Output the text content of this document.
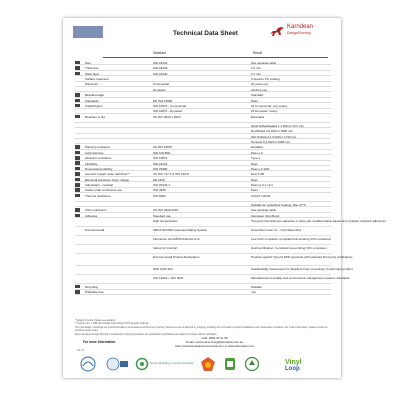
Technical Data Sheet
Karndean
DesignFlooring
Standard	Result
Size	ISO 24342	See separate table
Thickness	ISO 24346	2.0 mm
Wear layer	ISO 24340	0.7 mm
Surface treatment	K-Guard+ PU coating
Warranty*	Commercial	20 years use
Domestic	Lifetime use
Bevelled edge	Standard
Standards	EN ISO 10582	Pass
Classification	ISO 10874 - Commercial	34 Commercial: very heavy
ISO 10874 - Domestic	23 Domestic: heavy
Reaction to fire	AS ISO 9239.1 2003	Euroclass
Hand buffed/sealed 1.1 kW/m² 13 ft min
Not Buffed 4.6 kW/m² 1090 min
Wet Polished 4.4 kW/m² 1740 min
Tempest 5.4 kW/m² 3285 min
Painting resistance	AS ISO 16987	Excellent
Light fastness	ISO 105-B02	Pass ≥ 6
Abrasion resistance	ISO 10874	Type 1
Flexibility	ISO 24344	Pass
Dimensional stability	ISO 23999	Pass ≤ 0.10%
Acoustic impact noise reduction**	AS ISO 717.2 & ISO 140-8	ΔLw 3 dB
Electrical behaviour body voltage	EN 1815	Pass
Indentation - residual	ISO 24343-1	Pass (≤ 0.1 mm)
Castor chair continuous use	ISO 4918	Pass
Thermal resistance	ISO 8302	0.0147 m²K/W
Suitable for underfloor heating, Max 27°C
VOC emissions*	AS ISO 4000-2010	See separate table
Adhesive	Standard use	Karndean Vinyl-Bond
High temperatures	Two-part chemical cure adhesive or Dow part modified silane based and moisture resistant adhesives
Environmental	GBCA SGCBS Greenstar Rating System	GreenStar Level: 2+ - LCA Silver Plus
Floorscore GCS-B/SCS-EC10.4-v2	Low VOC compliant. Compliant low emitting VOC emissions
Indoor Air Comfort	Gold certification. Compliant low emitting VOC emissions
Environmental Product Declaration	Product-specific Type III EPD (products with patented third party verification)
NSF ANSI 332	Sustainability Assessment for Resilient Floor Coverings: Conformant product
ISO 14001 + ISO 9001	Manufactured to quality and environment management systems standards
Recycling	Suitable
Phthalate free	Yes
* Subject to terms. Please see warranty.
** Result is Δ-L = 4dB with standard soft-backed 9 IPX acoustic underlay.
The information in particular set of technical data is as accurate as at the time of printing. Tolerances can be affected by mopping, including but not limited to product installations and maintenance conditions. For further information, please contact our technical support team.
Since Karndean Design Flooring is continuously improving products, the specification and finishes are subject to change without notification.
For more information:
Call: 1800 33 11 99
Email: customerservice@karndean.com.au
Visit: www.karndeancommercial.com or www.karndean.com
May 21
Green Building Council Australia	Vinyl
Loop
